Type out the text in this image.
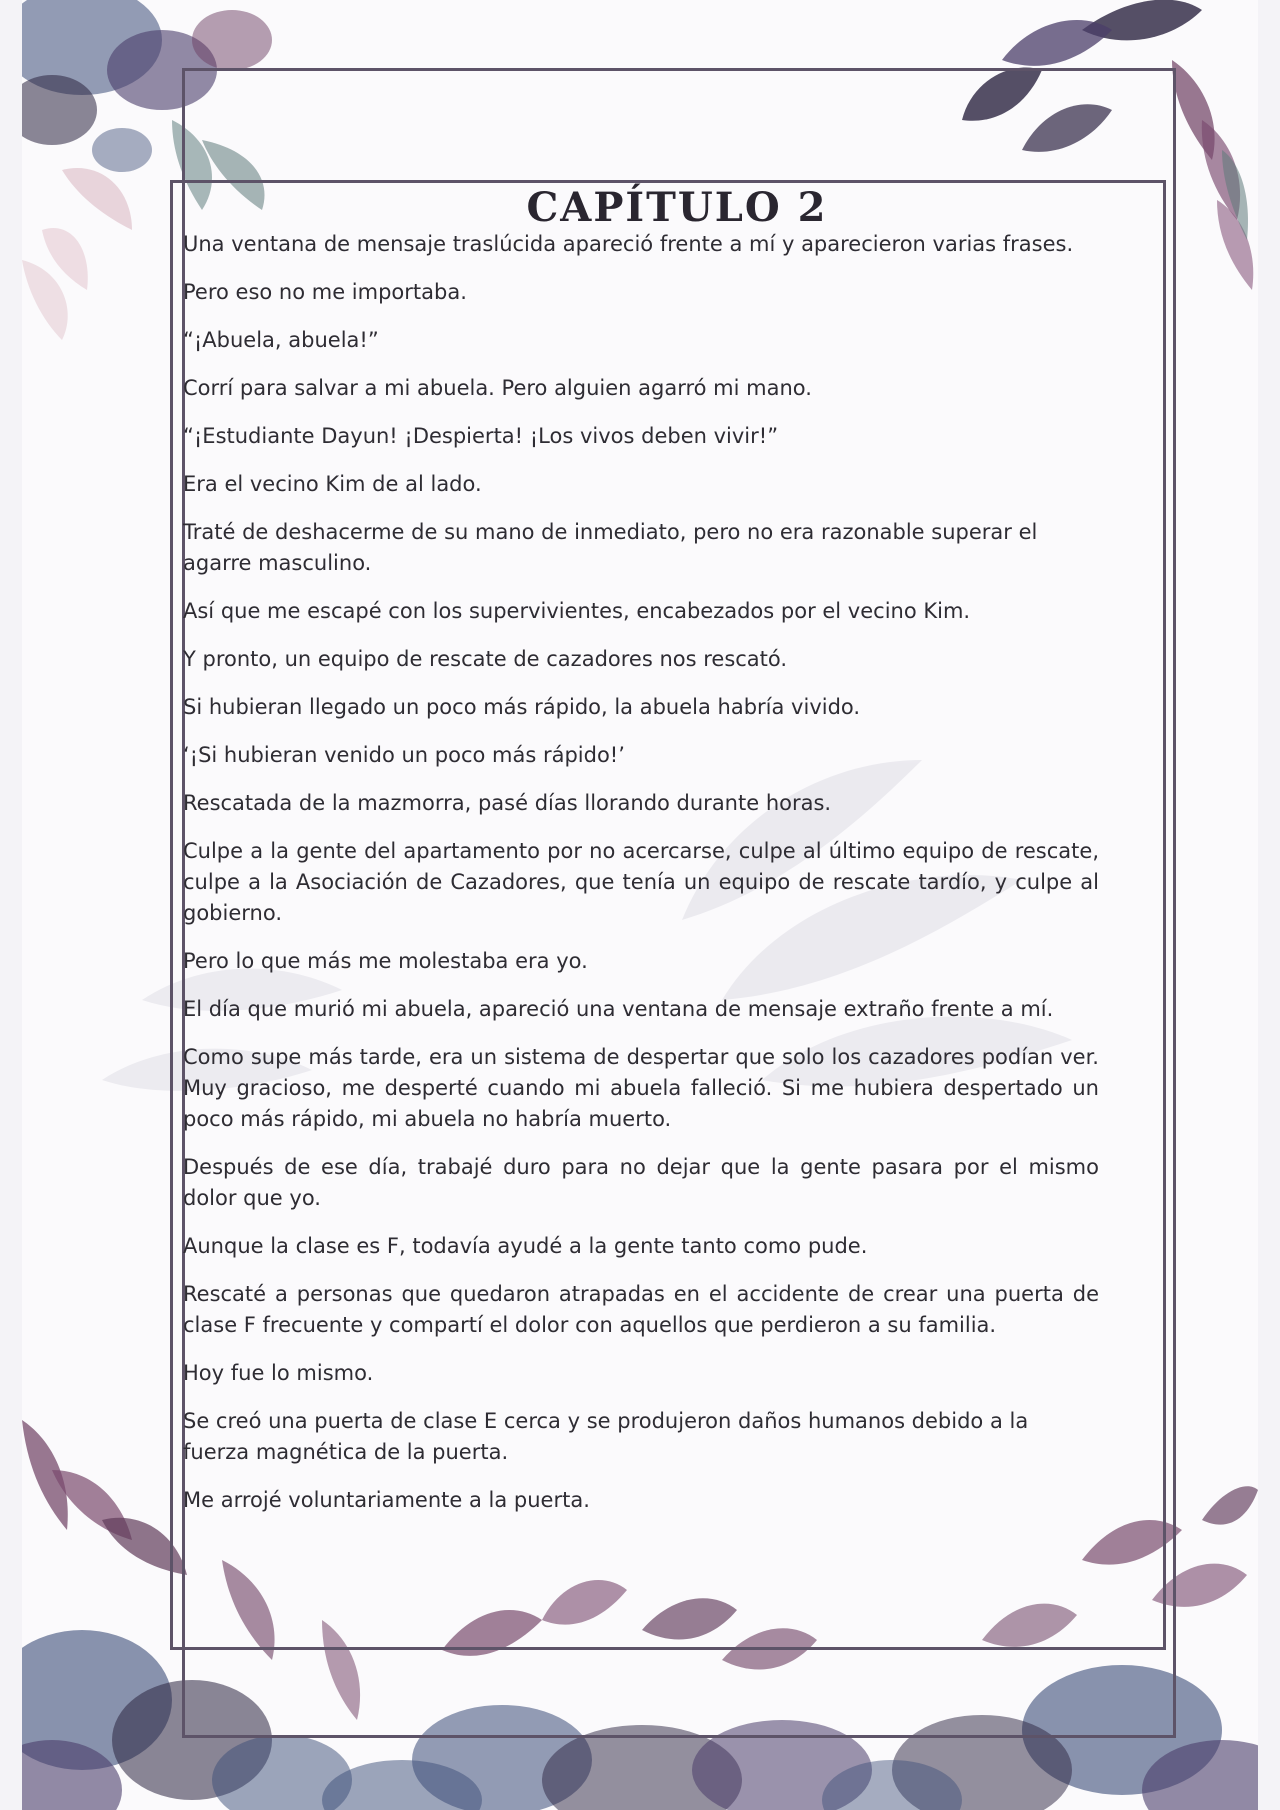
CAPÍTULO 2

Una ventana de mensaje traslúcida apareció frente a mí y aparecieron varias frases.

Pero eso no me importaba.

“¡Abuela, abuela!”

Corrí para salvar a mi abuela. Pero alguien agarró mi mano.

“¡Estudiante Dayun! ¡Despierta! ¡Los vivos deben vivir!”

Era el vecino Kim de al lado.

Traté de deshacerme de su mano de inmediato, pero no era razonable superar el agarre masculino.

Así que me escapé con los supervivientes, encabezados por el vecino Kim.

Y pronto, un equipo de rescate de cazadores nos rescató.

Si hubieran llegado un poco más rápido, la abuela habría vivido.

‘¡Si hubieran venido un poco más rápido!’

Rescatada de la mazmorra, pasé días llorando durante horas.

Culpe a la gente del apartamento por no acercarse, culpe al último equipo de rescate, culpe a la Asociación de Cazadores, que tenía un equipo de rescate tardío, y culpe al gobierno.

Pero lo que más me molestaba era yo.

El día que murió mi abuela, apareció una ventana de mensaje extraño frente a mí.

Como supe más tarde, era un sistema de despertar que solo los cazadores podían ver. Muy gracioso, me desperté cuando mi abuela falleció. Si me hubiera despertado un poco más rápido, mi abuela no habría muerto.

Después de ese día, trabajé duro para no dejar que la gente pasara por el mismo dolor que yo.

Aunque la clase es F, todavía ayudé a la gente tanto como pude.

Rescaté a personas que quedaron atrapadas en el accidente de crear una puerta de clase F frecuente y compartí el dolor con aquellos que perdieron a su familia.

Hoy fue lo mismo.

Se creó una puerta de clase E cerca y se produjeron daños humanos debido a la fuerza magnética de la puerta.

Me arrojé voluntariamente a la puerta.
